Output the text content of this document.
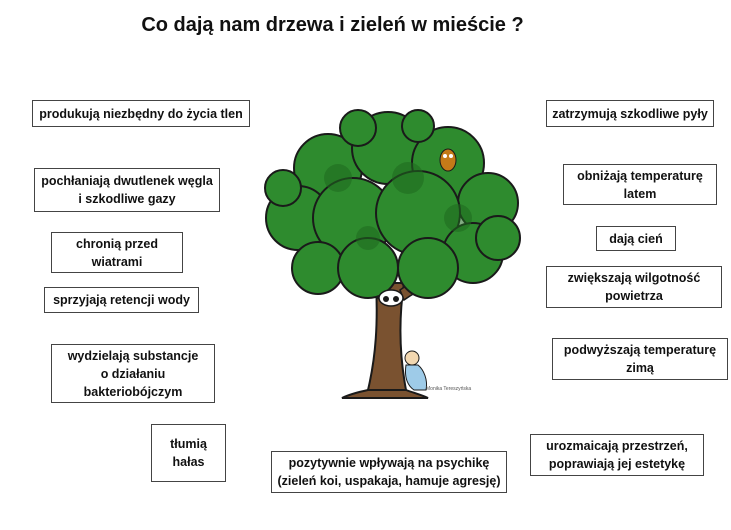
Co dają nam drzewa i zieleń w mieście ?
produkują niezbędny do życia tlen
pochłaniają dwutlenek węgla
i szkodliwe gazy
chronią przed
wiatrami
sprzyjają retencji wody
wydzielają substancje
o działaniu
bakteriobójczym
tłumią
hałas
zatrzymują szkodliwe pyły
obniżają temperaturę
latem
dają cień
zwiększają wilgotność
powietrza
podwyższają temperaturę
zimą
urozmaicają przestrzeń,
poprawiają jej estetykę
pozytywnie wpływają na psychikę
(zieleń koi, uspakaja, hamuje agresję)
Monika Tereszyńska
